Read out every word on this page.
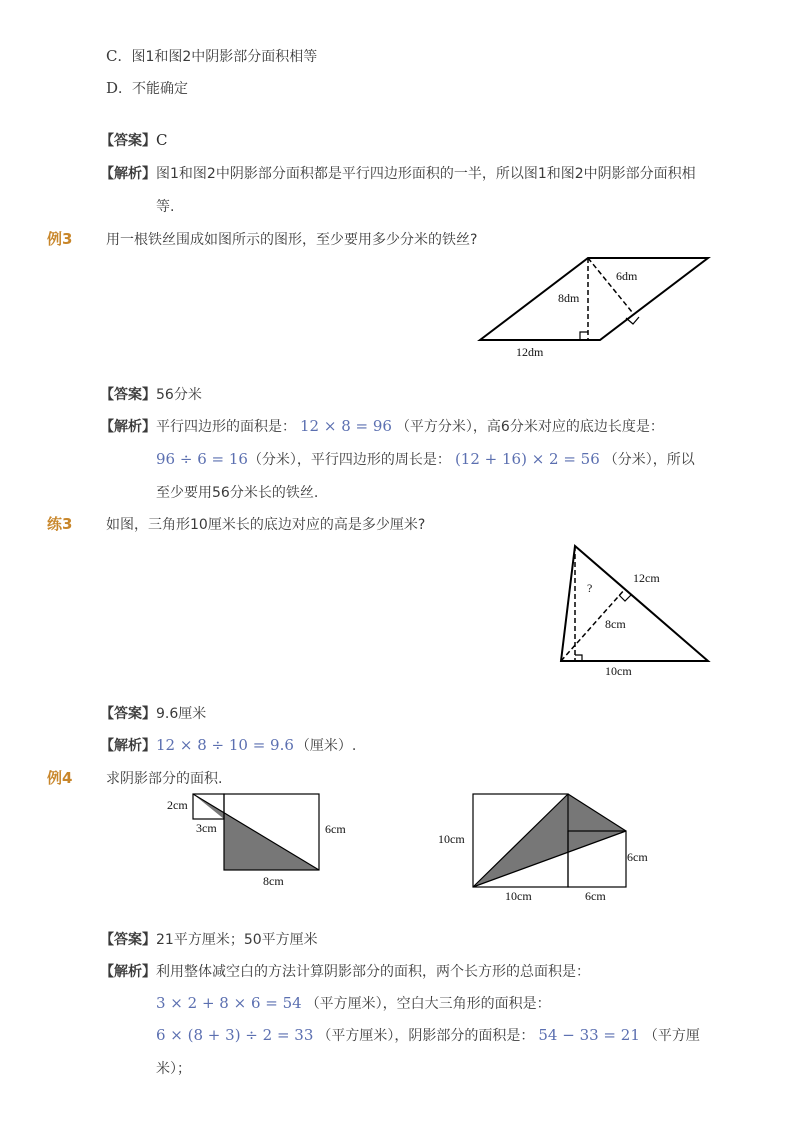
C．图1和图2中阴影部分面积相等
D．不能确定
【答案】C
【解析】图1和图2中阴影部分面积都是平行四边形面积的一半，所以图1和图2中阴影部分面积相
等.
例3 用一根铁丝围成如图所示的图形，至少要用多少分米的铁丝?
6dm
8dm
12dm
【答案】56分米
【解析】平行四边形的面积是： 12 × 8 = 96 （平方分米），高6分米对应的底边长度是：
96 ÷ 6 = 16（分米），平行四边形的周长是： (12 + 16) × 2 = 56 （分米），所以
至少要用56分米长的铁丝.
练3 如图，三角形10厘米长的底边对应的高是多少厘米?
?
12cm
8cm
10cm
【答案】9.6厘米
【解析】12 × 8 ÷ 10 = 9.6 （厘米）.
例4 求阴影部分的面积.
2cm
3cm	6cm
8cm
10cm
10cm
6cm
6cm
【答案】21平方厘米；50平方厘米
【解析】利用整体减空白的方法计算阴影部分的面积，两个长方形的总面积是：
3 × 2 + 8 × 6 = 54 （平方厘米），空白大三角形的面积是：
6 × (8 + 3) ÷ 2 = 33 （平方厘米），阴影部分的面积是： 54 − 33 = 21 （平方厘
米）；
